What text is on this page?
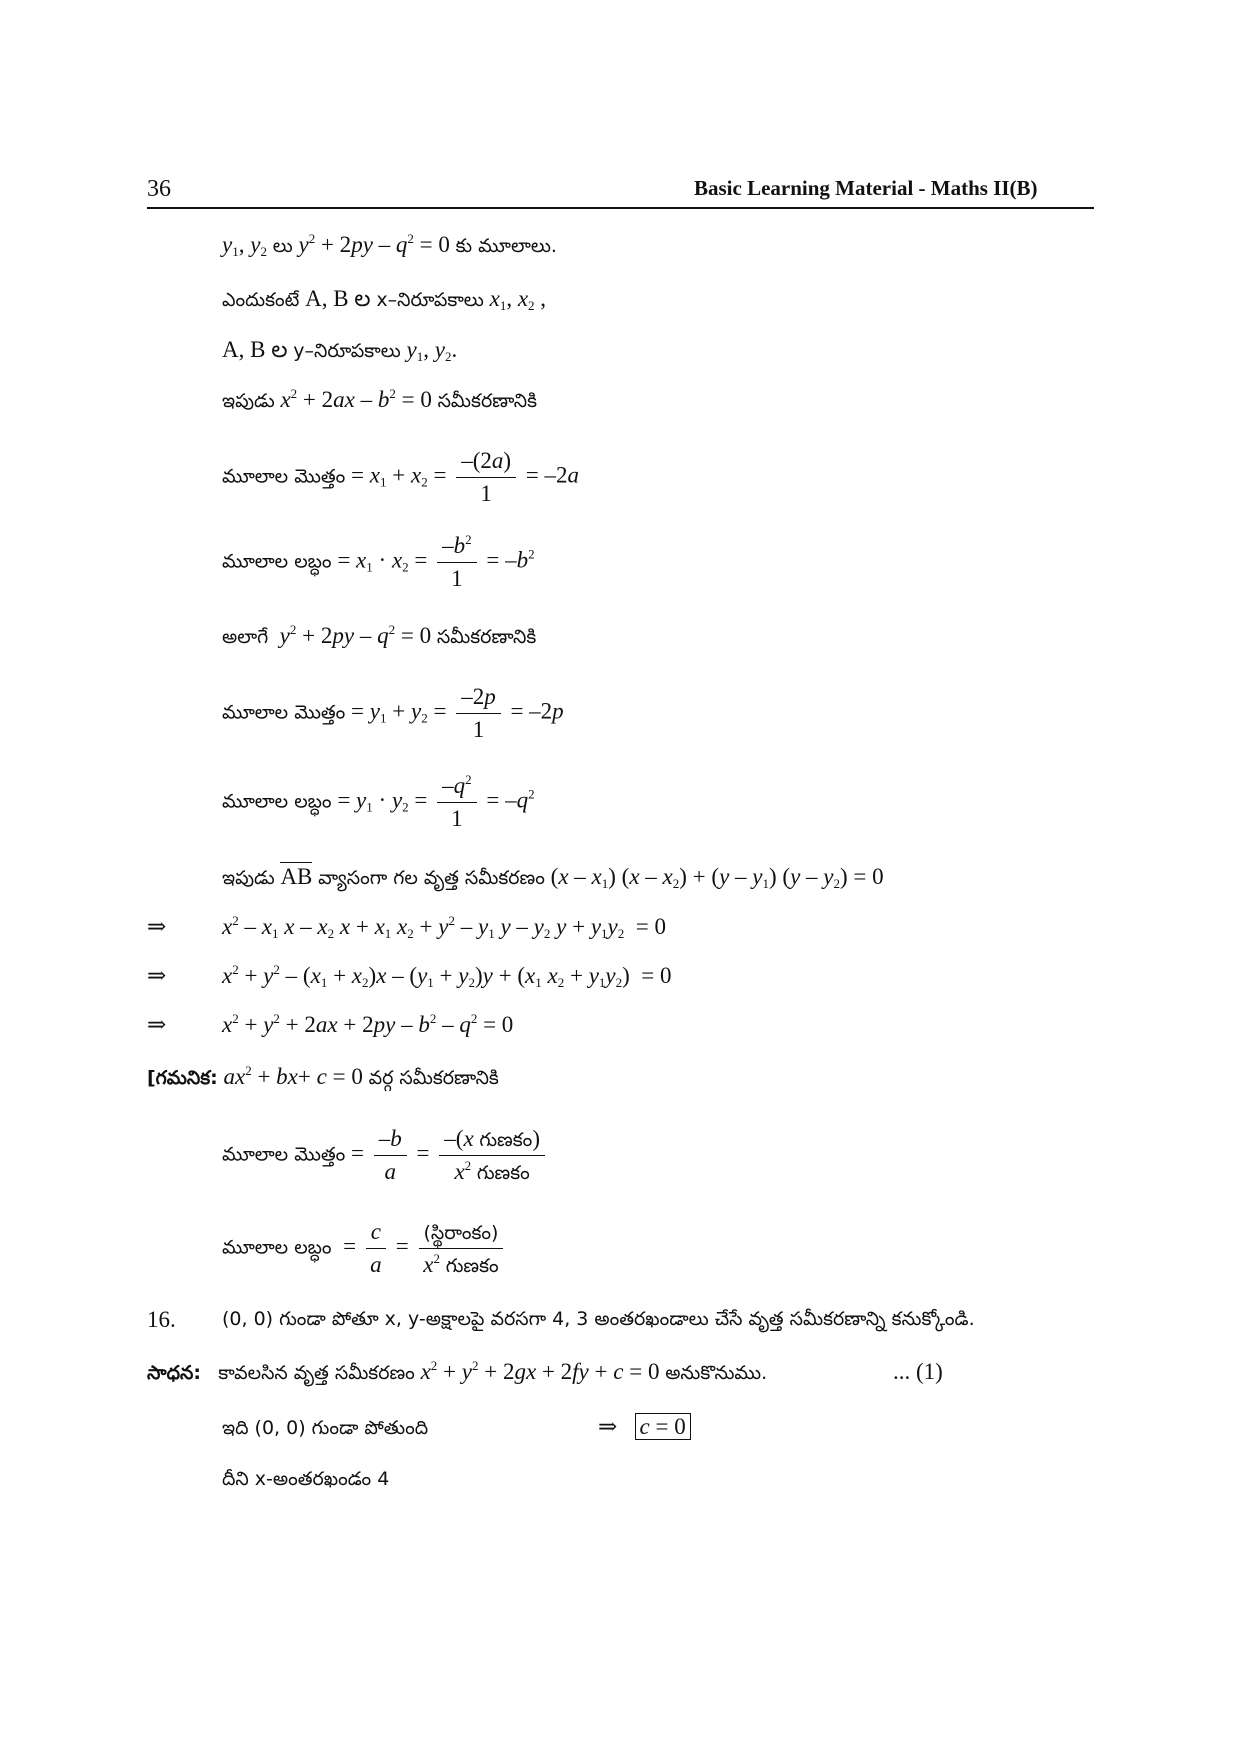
36	Basic Learning Material - Maths II(B)
$y_1$, $y_2$ లు $y^2 + 2py - q^2 = 0$ కు మూలాలు.
ఎందుకంటే A, B ల x–నిరూపకాలు $x_1$, $x_2$ ,
A, B ల y–నిరూపకాలు $y_1$, $y_2$.
ఇపుడు $x^2 + 2ax - b^2 = 0$ సమీకరణానికి
మూలాల మొత్తం = $x_1 + x_2 = \frac{-(2a)}{1} = -2a$
మూలాల లబ్ధం = $x_1 \cdot x_2 = \frac{-b^2}{1} = -b^2$
అలాగే $y^2 + 2py - q^2 = 0$ సమీకరణానికి
మూలాల మొత్తం = $y_1 + y_2 = \frac{-2p}{1} = -2p$
మూలాల లబ్ధం = $y_1 \cdot y_2 = \frac{-q^2}{1} = -q^2$
ఇపుడు AB వ్యాసంగా గల వృత్త సమీకరణం $(x - x_1)$ $(x - x_2) + (y - y_1)$ $(y - y_2) = 0$
⇒ $x^2 - x_1$ x – $x_2$ $x + x_1$ $x_2 + y^2 - y_1$ y – $y_2$ $y + y_1y_2 = 0$
⇒ $x^2 + y^2 - (x_1 + x_2)x - (y_1 + y_2)y + (x_1$ $x_2 + y_1y_2) = 0$
⇒ $x^2 + y^2 + 2ax + 2py - b^2 - q^2 = 0$
[గమనిక: $ax^2 + bx+ c = 0$ వర్గ సమీకరణానికి
మూలాల మొత్తం = $\frac{-b}{a} = \frac{\text{–(x గుణకం)}}{x^2 గుణకం}$
మూలాల లబ్ధం  = $\frac{c}{a} = \frac{\text{(స్థిరాంకం)}}{x^2 గుణకం}$
16. (0, 0) గుండా పోతూ x, y-అక్షాలపై వరసగా 4, 3 అంతరఖండాలు చేసే వృత్త సమీకరణాన్ని కనుక్కోండి.
సాధన: కావలసిన వృత్త సమీకరణం $x^2 + y^2 + 2gx + 2fy + c = 0$ అనుకొనుము.	... (1)
ఇది (0, 0) గుండా పోతుంది	⇒   c = 0
దీని x-అంతరఖండం 4
